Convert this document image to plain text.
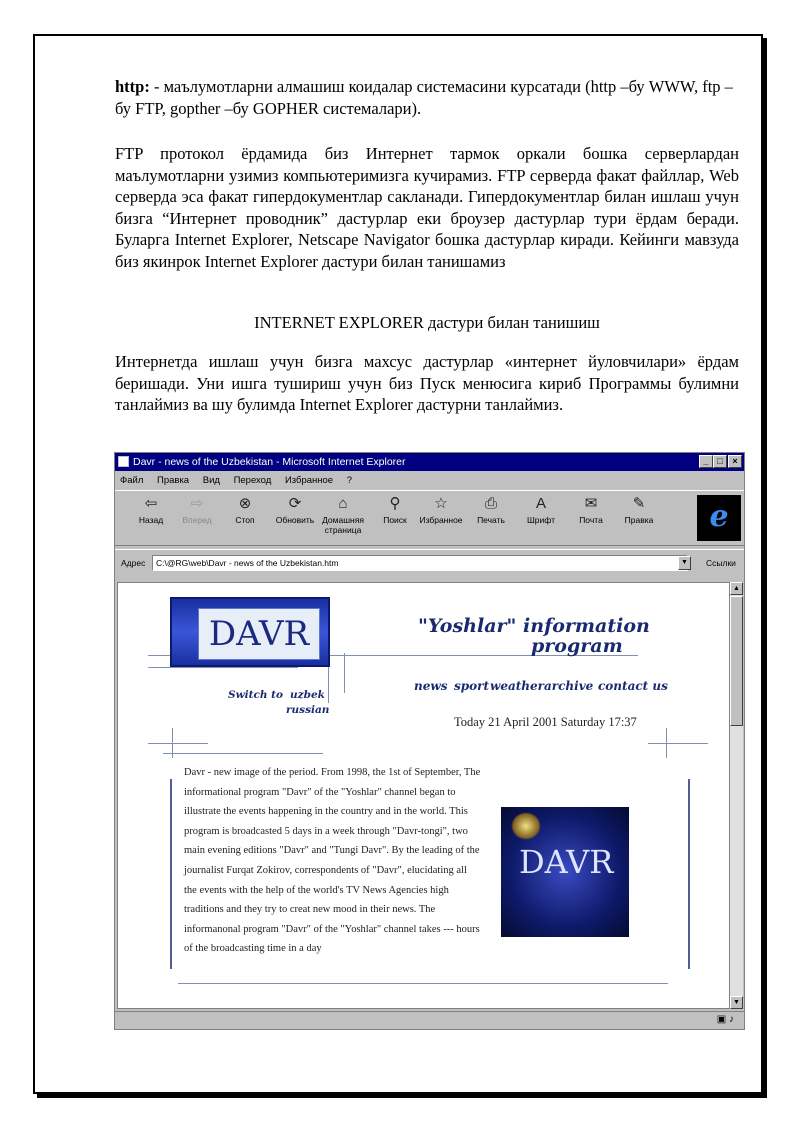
http: - маълумотларни алмашиш коидалар системасини курсатади (http –бу WWW, ftp – бу FTP, gopther –бу GOPHER системалари).

FTP протокол ёрдамида биз Интернет тармок оркали бошка серверлардан маълумотларни узимиз компьютеримизга кучирамиз. FTP серверда факат файллар, Web серверда эса факат гипердокументлар сакланади. Гипердокументлар билан ишлаш учун бизга “Интернет проводник” дастурлар еки броузер дастурлар тури ёрдам беради. Буларга Internet Explorer, Netscape Navigator бошка дастурлар киради. Кейинги мавзуда биз якинрок Internet Explorer дастури билан танишамиз

INTERNET EXPLORER дастури билан танишиш

Интернетда ишлаш учун бизга махсус дастурлар «интернет йуловчилари» ёрдам беришади. Уни ишга тушириш учун биз Пуск менюсига кириб Программы булимни танлаймиз ва шу булимда Internet Explorer дастурни танлаймиз.

Davr - news of the Uzbekistan - Microsoft Internet Explorer	_ □	×
Файл Правка Вид Переход Избранное ?
⇦
Назад
⇨
Вперед
⊗
Стоп
⟳
Обновить
⌂
Домашняя страница
⚲
Поиск
☆
Избранное
⎙
Печать
A
Шрифт
✉
Почта
✎
Правка e
Адрес	C:\@RG\web\Davr - news of the Uzbekistan.htm	▼	Ссылки
DAVR	"Yoshlar" information
program
news sport weather archive contact us
Switch to uzbek
russian
Today 21 April 2001 Saturday 17:37
Davr - new image of the period. From 1998, the 1st of September, The informational program "Davr" of the "Yoshlar" channel began to illustrate the events happening in the country and in the world. This program is broadcasted 5 days in a week through "Davr-tongi", two main evening editions "Davr" and "Tungi Davr". By the leading of the journalist Furqat Zokirov, correspondents of "Davr", elucidating all the events with the help of the world's TV News Agencies high traditions and they try to creat new mood in their news. The informanonal program "Davr" of the "Yoshlar" channel takes --- hours of the broadcasting time in a day
DAVR
▲
▼
▣ ♪
